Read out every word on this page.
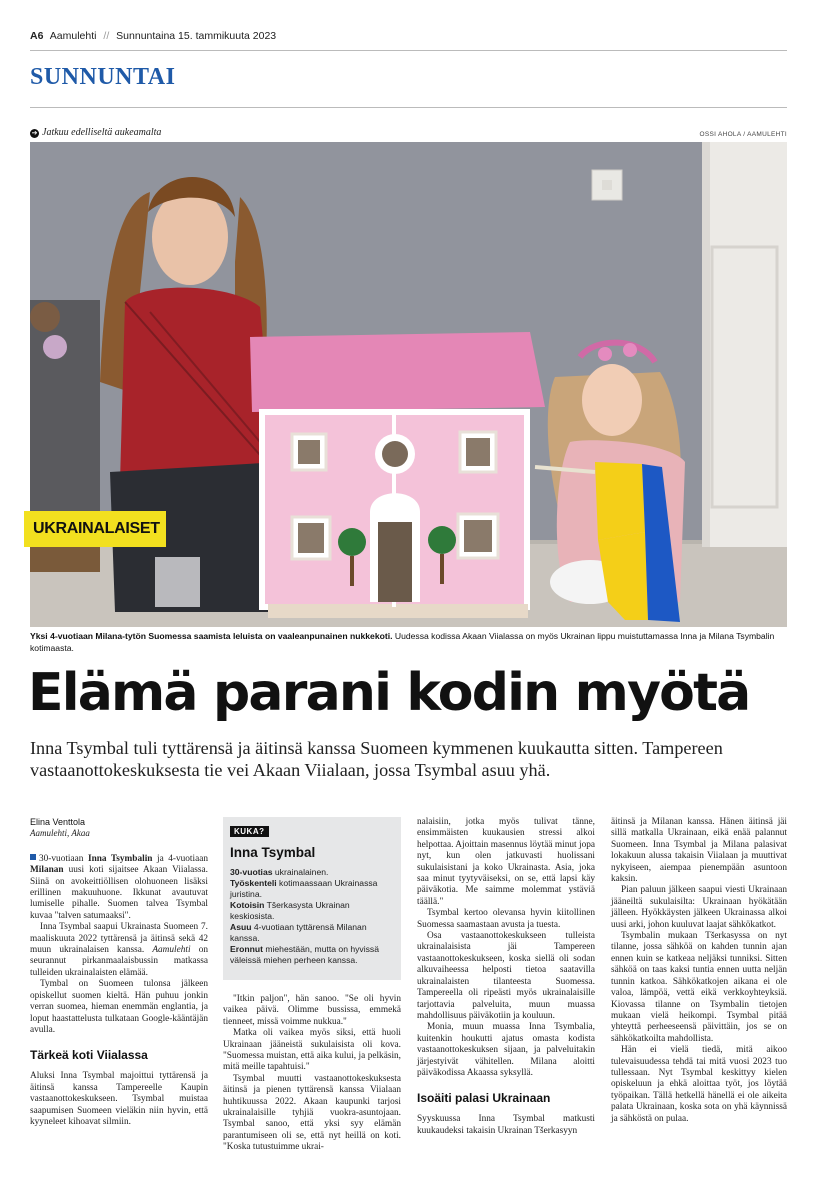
A6 Aamulehti // Sunnuntaina 15. tammikuuta 2023
SUNNUNTAI
➔ Jatkuu edelliseltä aukeamalta	OSSI AHOLA / AAMULEHTI
UKRAINALAISET
Yksi 4-vuotiaan Milana-tytön Suomessa saamista leluista on vaaleanpunainen nukkekoti. Uudessa kodissa Akaan Viialassa on myös Ukrainan lippu muistuttamassa Inna ja Milana Tsymbalin kotimaasta.
Elämä parani kodin myötä
Inna Tsymbal tuli tyttärensä ja äitinsä kanssa Suomeen kymmenen kuukautta sitten. Tampereen vastaanottokeskuksesta tie vei Akaan Viialaan, jossa Tsymbal asuu yhä.
Elina Venttola
Aamulehti, Akaa

30-vuotiaan Inna Tsymbalin ja 4-vuotiaan Milanan uusi koti sijaitsee Akaan Viialassa. Siinä on avokeittiöllisen olohuoneen lisäksi erillinen makuuhuone. Ikkunat avautuvat lumiselle pihalle. Suomen talvea Tsymbal kuvaa "talven satumaaksi".

Inna Tsymbal saapui Ukrainasta Suomeen 7. maaliskuuta 2022 tyttärensä ja äitinsä sekä 42 muun ukrainalaisen kanssa. Aamulehti on seurannut pirkanmaalaisbussin matkassa tulleiden ukrainalaisten elämää.

Tymbal on Suomeen tulonsa jälkeen opiskellut suomen kieltä. Hän puhuu jonkin verran suomea, hieman enemmän englantia, ja loput haastattelusta tulkataan Google-kääntäjän avulla.

Tärkeä koti Viialassa

Aluksi Inna Tsymbal majoittui tyttärensä ja äitinsä kanssa Tampereelle Kaupin vastaanottokeskukseen. Tsymbal muistaa saapumisen Suomeen vieläkin niin hyvin, että kyyneleet kihoavat silmiin.

KUKA?
Inna Tsymbal
30-vuotias ukrainalainen.
Työskenteli kotimaassaan Ukrainassa juristina.
Kotoisin Tšerkasysta Ukrainan keskiosista.
Asuu 4-vuotiaan tyttärensä Milanan kanssa.
Eronnut miehestään, mutta on hyvissä väleissä miehen perheen kanssa.

"Itkin paljon", hän sanoo. "Se oli hyvin vaikea päivä. Olimme bussissa, emmekä tienneet, missä voimme nukkua."

Matka oli vaikea myös siksi, että huoli Ukrainaan jääneistä sukulaisista oli kova. "Suomessa muistan, että aika kului, ja pelkäsin, mitä meille tapahtuisi."

Tsymbal muutti vastaanottokeskuksesta äitinsä ja pienen tyttärensä kanssa Viialaan huhtikuussa 2022. Akaan kaupunki tarjosi ukrainalaisille tyhjiä vuokra-asuntojaan. Tsymbal sanoo, että yksi syy elämän parantumiseen oli se, että nyt heillä on koti. "Koska tutustuimme ukrai-

nalaisiin, jotka myös tulivat tänne, ensimmäisten kuukausien stressi alkoi helpottaa. Ajoittain masennus löytää minut jopa nyt, kun olen jatkuvasti huolissani sukulaisistani ja koko Ukrainasta. Asia, joka saa minut tyytyväiseksi, on se, että lapsi käy päiväkotia. Me saimme molemmat ystäviä täällä."

Tsymbal kertoo olevansa hyvin kiitollinen Suomessa saamastaan avusta ja tuesta.

Osa vastaanottokeskukseen tulleista ukrainalaisista jäi Tampereen vastaanottokeskukseen, koska siellä oli sodan alkuvaiheessa helposti tietoa saatavilla ukrainalaisten tilanteesta Suomessa. Tampereella oli ripeästi myös ukrainalaisille tarjottavia palveluita, muun muassa mahdollisuus päiväkotiin ja kouluun.

Monia, muun muassa Inna Tsymbalia, kuitenkin houkutti ajatus omasta kodista vastaanottokeskuksen sijaan, ja palveluitakin järjestyivät vähitellen. Milana aloitti päiväkodissa Akaassa syksyllä.

Isoäiti palasi Ukrainaan

Syyskuussa Inna Tsymbal matkusti kuukaudeksi takaisin Ukrainan Tšerkasyyn

äitinsä ja Milanan kanssa. Hänen äitinsä jäi sillä matkalla Ukrainaan, eikä enää palannut Suomeen. Inna Tsymbal ja Milana palasivat lokakuun alussa takaisin Viialaan ja muuttivat nykyiseen, aiempaa pienempään asuntoon kaksin.

Pian paluun jälkeen saapui viesti Ukrainaan jääneiltä sukulaisilta: Ukrainaan hyökätään jälleen. Hyökkäysten jälkeen Ukrainassa alkoi uusi arki, johon kuuluvat laajat sähkökatkot.

Tsymbalin mukaan Tšerkasyssa on nyt tilanne, jossa sähköä on kahden tunnin ajan ennen kuin se katkeaa neljäksi tunniksi. Sitten sähköä on taas kaksi tuntia ennen uutta neljän tunnin katkoa. Sähkökatkojen aikana ei ole valoa, lämpöä, vettä eikä verkkoyhteyksiä. Kiovassa tilanne on Tsymbalin tietojen mukaan vielä heikompi. Tsymbal pitää yhteyttä perheeseensä päivittäin, jos se on sähkökatkoilta mahdollista.

Hän ei vielä tiedä, mitä aikoo tulevaisuudessa tehdä tai mitä vuosi 2023 tuo tullessaan. Nyt Tsymbal keskittyy kielen opiskeluun ja ehkä aloittaa työt, jos löytää työpaikan. Tällä hetkellä hänellä ei ole aikeita palata Ukrainaan, koska sota on yhä käynnissä ja sähköstä on pulaa.
